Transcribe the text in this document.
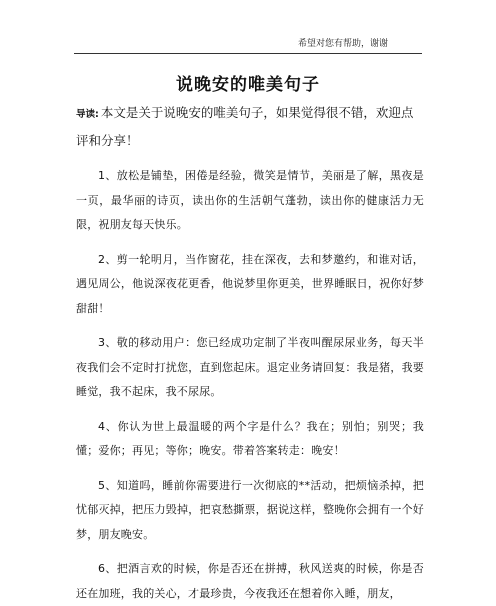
希望对您有帮助，谢谢
说晚安的唯美句子

导读: 本文是关于说晚安的唯美句子，如果觉得很不错，欢迎点评和分享！

1、放松是铺垫，困倦是经验，微笑是情节，美丽是了解，黑夜是一页，最华丽的诗页，读出你的生活朝气蓬勃，读出你的健康活力无限，祝朋友每天快乐。

2、剪一轮明月，当作窗花，挂在深夜，去和梦邀约，和谁对话，遇见周公，他说深夜花更香，他说梦里你更美，世界睡眠日，祝你好梦甜甜！

3、敬的移动用户：您已经成功定制了半夜叫醒尿尿业务，每天半夜我们会不定时打扰您，直到您起床。退定业务请回复：我是猪，我要睡觉，我不起床，我不尿尿。

4、你认为世上最温暖的两个字是什么？我在；别怕；别哭；我懂；爱你；再见；等你；晚安。带着答案转走：晚安！

5、知道吗，睡前你需要进行一次彻底的**活动，把烦恼杀掉，把忧郁灭掉，把压力毁掉，把哀愁撕票，据说这样，整晚你会拥有一个好梦，朋友晚安。

6、把酒言欢的时候，你是否还在拼搏，秋风送爽的时候，你是否还在加班，我的关心，才最珍贵，今夜我还在想着你入睡，朋友，
